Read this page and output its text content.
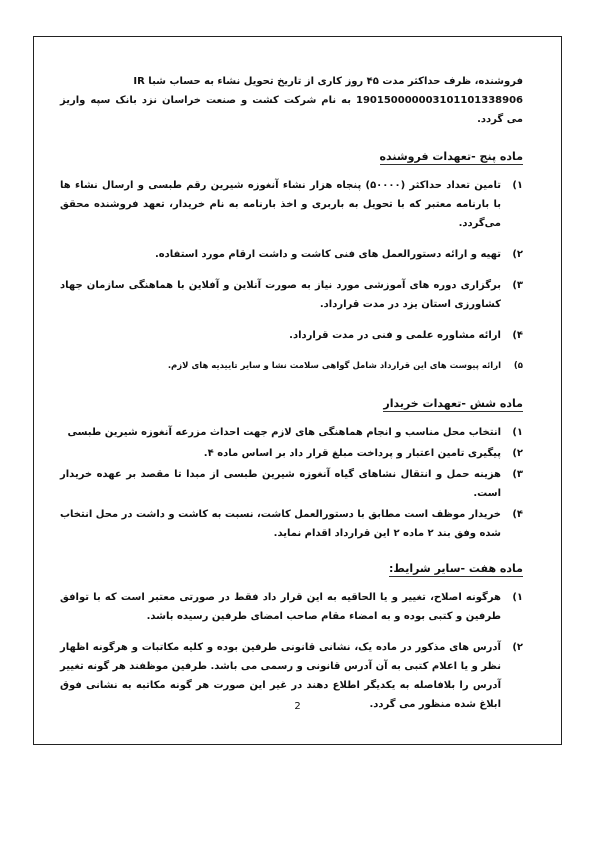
فروشنده، ظرف حداکثر مدت ۴۵ روز کاری از تاریخ تحویل نشاء به حساب شبا IR

190150000003101101338906 به نام شرکت کشت و صنعت خراسان نزد بانک سپه واریز می گردد.

ماده پنج -تعهدات فروشنده
۱)
تامین تعداد حداکثر (۵۰۰۰۰) پنجاه هزار نشاء آنغوزه شیرین رقم طبسی و ارسال نشاء ها با بارنامه معتبر که با تحویل به باربری و اخذ بارنامه به نام خریدار، تعهد فروشنده محقق می‌گردد.
۲)
تهیه و ارائه دستورالعمل های فنی کاشت و داشت ارقام مورد استفاده.
۳)
برگزاری دوره های آموزشی مورد نیاز به صورت آنلاین و آفلاین با هماهنگی سازمان جهاد کشاورزی استان یزد در مدت قرارداد.
۴)
ارائه مشاوره علمی و فنی در مدت قرارداد.
۵)
ارائه پیوست های این قرارداد شامل گواهی سلامت نشا و سایر تاییدیه های لازم.
ماده شش -تعهدات خریدار
۱)
انتخاب محل مناسب و انجام هماهنگی های لازم جهت احداث مزرعه آنغوزه شیرین طبسی
۲)
پیگیری تامین اعتبار و پرداخت مبلغ قرار داد بر اساس ماده ۴.
۳)
هزینه حمل و انتقال نشاهای گیاه آنغوزه شیرین طبسی از مبدا تا مقصد بر عهده خریدار است.
۴)
خریدار موظف است مطابق با دستورالعمل کاشت، نسبت به کاشت و داشت در محل انتخاب شده وفق بند ۲ ماده ۲ این قرارداد اقدام نماید.
ماده هفت -سایر شرایط:
۱)
هرگونه اصلاح، تغییر و یا الحاقیه به این قرار داد فقط در صورتی معتبر است که با توافق طرفین و کتبی بوده و به امضاء مقام صاحب امضای طرفین رسیده باشد.
۲)
آدرس های مذکور در ماده یک، نشانی قانونی طرفین بوده و کلیه مکاتبات و هرگونه اظهار نظر و یا اعلام کتبی به آن آدرس قانونی و رسمی می باشد. طرفین موظفند هر گونه تغییر آدرس را بلافاصله به یکدیگر اطلاع دهند در غیر این صورت هر گونه مکاتبه به نشانی فوق ابلاغ شده منظور می گردد.
2
